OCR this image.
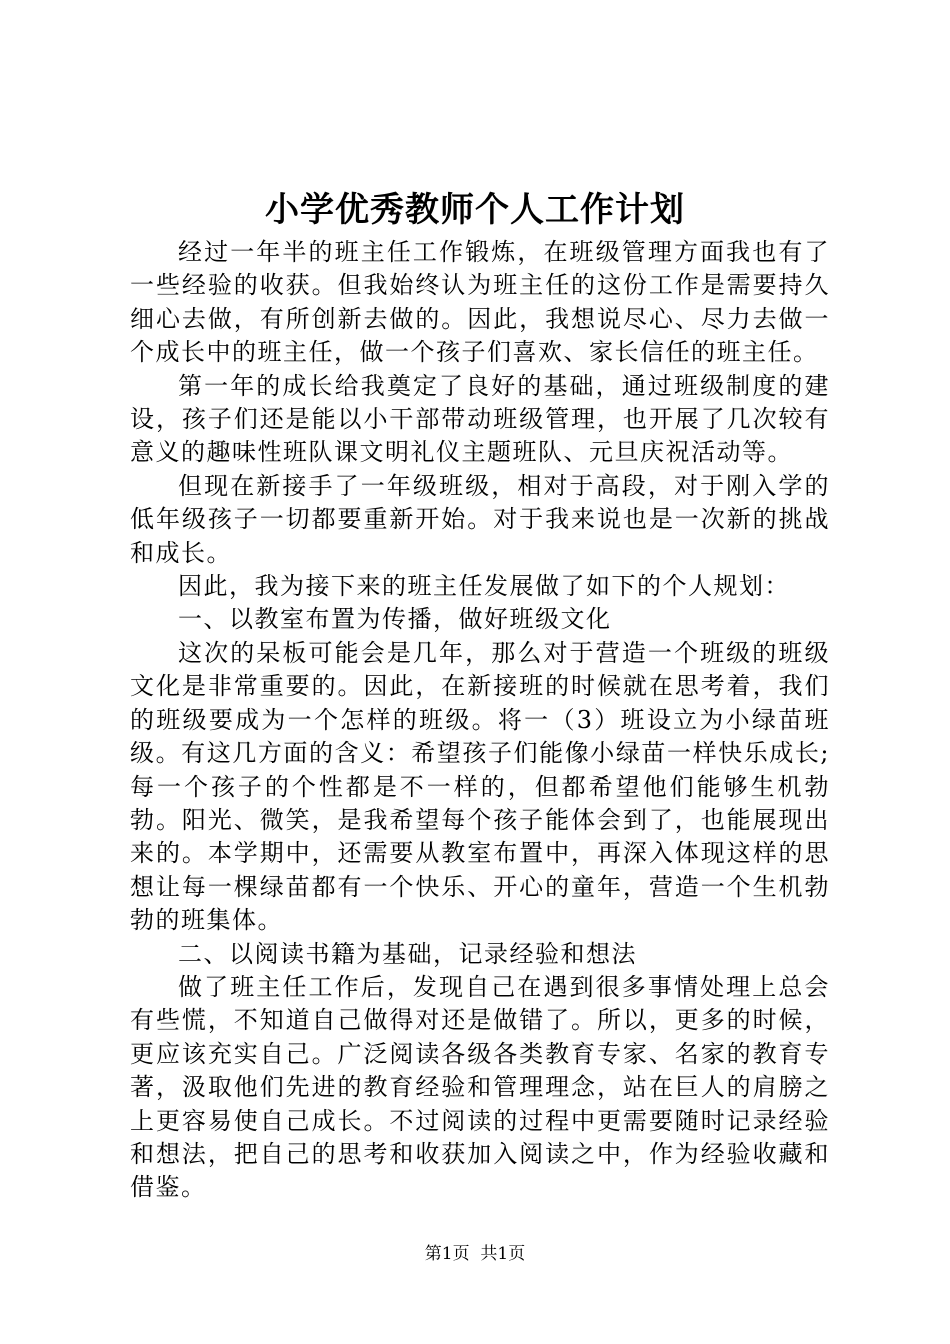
小学优秀教师个人工作计划

经过一年半的班主任工作锻炼，在班级管理方面我也有了一些经验的收获。但我始终认为班主任的这份工作是需要持久细心去做，有所创新去做的。因此，我想说尽心、尽力去做一个成长中的班主任，做一个孩子们喜欢、家长信任的班主任。

第一年的成长给我奠定了良好的基础，通过班级制度的建设，孩子们还是能以小干部带动班级管理，也开展了几次较有意义的趣味性班队课文明礼仪主题班队、元旦庆祝活动等。

但现在新接手了一年级班级，相对于高段，对于刚入学的低年级孩子一切都要重新开始。对于我来说也是一次新的挑战和成长。

因此，我为接下来的班主任发展做了如下的个人规划：

一、以教室布置为传播，做好班级文化

这次的呆板可能会是几年，那么对于营造一个班级的班级文化是非常重要的。因此，在新接班的时候就在思考着，我们的班级要成为一个怎样的班级。将一（3）班设立为小绿苗班级。有这几方面的含义：希望孩子们能像小绿苗一样快乐成长;每一个孩子的个性都是不一样的，但都希望他们能够生机勃勃。阳光、微笑，是我希望每个孩子能体会到了，也能展现出来的。本学期中，还需要从教室布置中，再深入体现这样的思想让每一棵绿苗都有一个快乐、开心的童年，营造一个生机勃勃的班集体。

二、以阅读书籍为基础，记录经验和想法

做了班主任工作后，发现自己在遇到很多事情处理上总会有些慌，不知道自己做得对还是做错了。所以，更多的时候，更应该充实自己。广泛阅读各级各类教育专家、名家的教育专著，汲取他们先进的教育经验和管理理念，站在巨人的肩膀之上更容易使自己成长。不过阅读的过程中更需要随时记录经验和想法，把自己的思考和收获加入阅读之中，作为经验收藏和借鉴。

第1页 共1页
